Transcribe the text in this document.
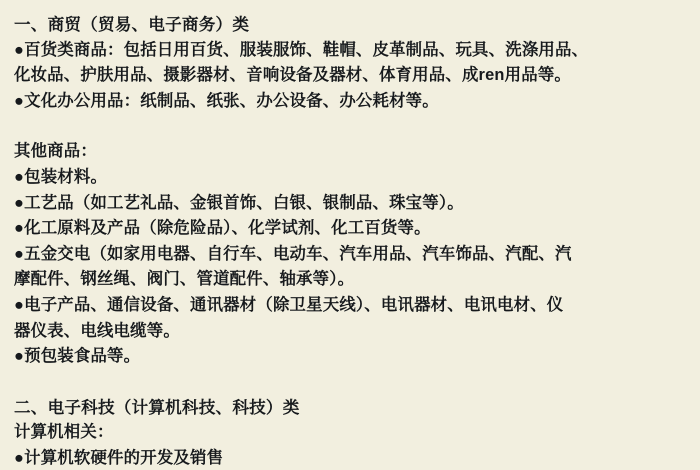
一、商贸（贸易、电子商务）类
●百货类商品：包括日用百货、服装服饰、鞋帽、皮革制品、玩具、洗涤用品、
化妆品、护肤用品、摄影器材、音响设备及器材、体育用品、成ren用品等。
●文化办公用品：纸制品、纸张、办公设备、办公耗材等。
其他商品：
●包装材料。
●工艺品（如工艺礼品、金银首饰、白银、银制品、珠宝等）。
●化工原料及产品（除危险品）、化学试剂、化工百货等。
●五金交电（如家用电器、自行车、电动车、汽车用品、汽车饰品、汽配、汽
摩配件、钢丝绳、阀门、管道配件、轴承等）。
●电子产品、通信设备、通讯器材（除卫星天线）、电讯器材、电讯电材、仪
器仪表、电线电缆等。
●预包装食品等。
二、电子科技（计算机科技、科技）类
计算机相关：
●计算机软硬件的开发及销售
